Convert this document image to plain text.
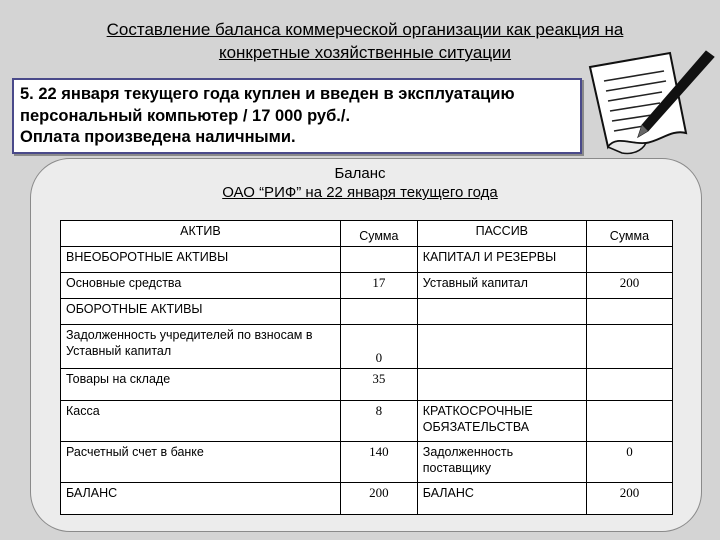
Составление баланса коммерческой организации как реакция на
конкретные хозяйственные ситуации
5. 22 января текущего года куплен и введен в эксплуатацию
персональный компьютер / 17 000 руб./.
Оплата произведена наличными.
Баланс
ОАО “РИФ” на 22 января текущего года
АКТИВ	Сумма	ПАССИВ	Сумма
ВНЕОБОРОТНЫЕ АКТИВЫ		КАПИТАЛ И РЕЗЕРВЫ	
Основные средства	17	Уставный капитал	200
ОБОРОТНЫЕ АКТИВЫ			
Задолженность учредителей по взносам в Уставный капитал	0		
Товары на складе	35		
Касса	8	КРАТКОСРОЧНЫЕ ОБЯЗАТЕЛЬСТВА	
Расчетный счет в банке	140	Задолженность поставщику	0
БАЛАНС	200	БАЛАНС	200
